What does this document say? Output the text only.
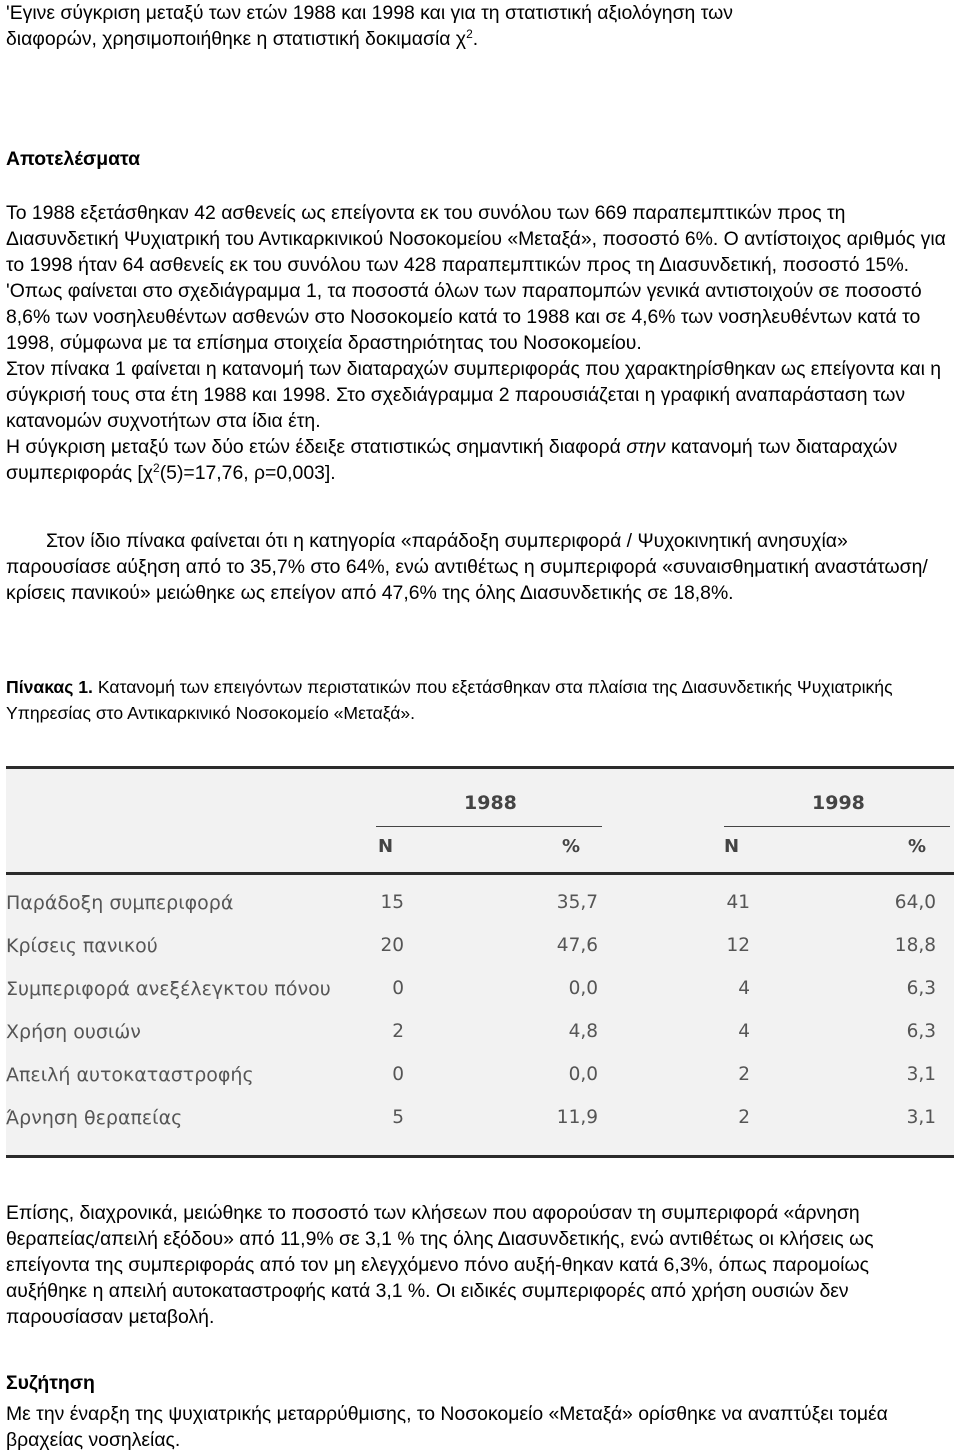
'Εγινε σύγκριση μεταξύ των ετών 1988 και 1998 και για τη στατιστική αξιολόγηση των
διαφορών, χρησιμοποιήθηκε η στατιστική δοκιμασία $\chi^2$.

Αποτελέσματα

Το 1988 εξετάσθηκαν 42 ασθενείς ως επείγοντα εκ του συνόλου των 669 παραπεμπτικών προς τη Διασυνδετική Ψυχιατρική του Αντικαρκινικού Νοσοκομείου «Μεταξά», ποσοστό 6%. Ο αντίστοιχος αριθμός για το 1998 ήταν 64 ασθενείς εκ του συνόλου των 428 παραπεμπτικών προς τη Διασυνδετική, ποσοστό 15%. 'Οπως φαίνεται στο σχεδιάγραμμα 1, τα ποσοστά όλων των παραπομπών γενικά αντιστοιχούν σε ποσοστό 8,6% των νοσηλευθέντων ασθενών στο Νοσοκομείο κατά το 1988 και σε 4,6% των νοσηλευθέντων κατά το 1998, σύμφωνα με τα επίσημα στοιχεία δραστηριότητας του Νοσοκομείου.

Στον πίνακα 1 φαίνεται η κατανομή των διαταραχών συμπεριφοράς που χαρακτηρίσθηκαν ως επείγοντα και η σύγκρισή τους στα έτη 1988 και 1998. Στο σχεδιάγραμμα 2 παρουσιάζεται η γραφική αναπαράσταση των κατανομών συχνοτήτων στα ίδια έτη.

Η σύγκριση μεταξύ των δύο ετών έδειξε στατιστικώς σημαντική διαφορά στην κατανομή των διαταραχών συμπεριφοράς [$\chi^2(5)=17,76$, ρ=0,003].

Στον ίδιο πίνακα φαίνεται ότι η κατηγορία «παράδοξη συμπεριφορά / Ψυχοκινητική ανησυχία» παρουσίασε αύξηση από το 35,7% στο 64%, ενώ αντιθέτως η συμπεριφορά «συναισθηματική αναστάτωση/ κρίσεις πανικού» μειώθηκε ως επείγον από 47,6% της όλης Διασυνδετικής σε 18,8%.
Πίνακας 1. Κατανομή των επειγόντων περιστατικών που εξετάσθηκαν στα πλαίσια της Διασυνδετικής Ψυχιατρικής Υπηρεσίας στο Αντικαρκινικό Νοσοκομείο «Μεταξά».
1988	1998
N	%	N	%
Παράδοξη συμπεριφορά	15	35,7	41	64,0
Κρίσεις πανικού	20	47,6	12	18,8
Συμπεριφορά ανεξέλεγκτου πόνου	0	0,0	4	6,3
Χρήση ουσιών	2	4,8	4	6,3
Απειλή αυτοκαταστροφής	0	0,0	2	3,1
Άρνηση θεραπείας	5	11,9	2	3,1
Επίσης, διαχρονικά, μειώθηκε το ποσοστό των κλήσεων που αφορούσαν τη συμπεριφορά «άρνηση θεραπείας/απειλή εξόδου» από 11,9% σε 3,1 % της όλης Διασυνδετικής, ενώ αντιθέτως οι κλήσεις ως επείγοντα της συμπεριφοράς από τον μη ελεγχόμενο πόνο αυξή-θηκαν κατά 6,3%, όπως παρομοίως αυξήθηκε η απειλή αυτοκαταστροφής κατά 3,1 %. Οι ειδικές συμπεριφορές από χρήση ουσιών δεν παρουσίασαν μεταβολή.
Συζήτηση
Με την έναρξη της ψυχιατρικής μεταρρύθμισης, το Νοσοκομείο «Μεταξά» ορίσθηκε να αναπτύξει τομέα βραχείας νοσηλείας.
